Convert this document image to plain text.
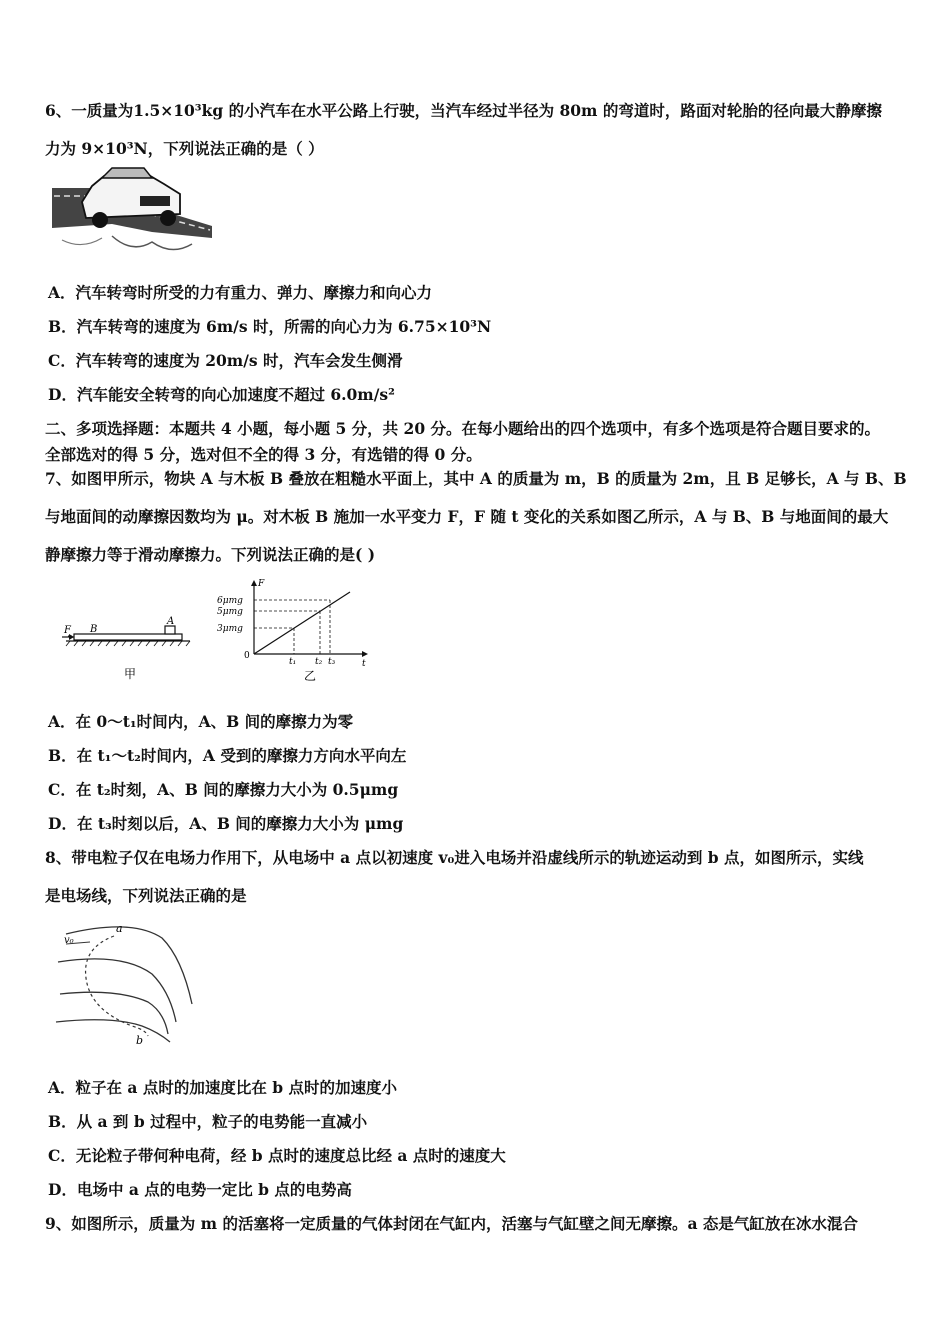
6、一质量为1.5×10³kg 的小汽车在水平公路上行驶，当汽车经过半径为 80m 的弯道时，路面对轮胎的径向最大静摩擦
力为 9×10³N，下列说法正确的是（ ）
A．汽车转弯时所受的力有重力、弹力、摩擦力和向心力
B．汽车转弯的速度为 6m/s 时，所需的向心力为 6.75×10³N
C．汽车转弯的速度为 20m/s 时，汽车会发生侧滑
D．汽车能安全转弯的向心加速度不超过 6.0m/s²
二、多项选择题：本题共 4 小题，每小题 5 分，共 20 分。在每小题给出的四个选项中，有多个选项是符合题目要求的。
全部选对的得 5 分，选对但不全的得 3 分，有选错的得 0 分。
7、如图甲所示，物块 A 与木板 B 叠放在粗糙水平面上，其中 A 的质量为 m，B 的质量为 2m，且 B 足够长，A 与 B、B
与地面间的动摩擦因数均为 μ。对木板 B 施加一水平变力 F，F 随 t 变化的关系如图乙所示，A 与 B、B 与地面间的最大
静摩擦力等于滑动摩擦力。下列说法正确的是( )
F B
A
甲
F
t
0
6μmg
5μmg
3μmg
t₁ t₂ t₃
乙
A．在 0～t₁时间内，A、B 间的摩擦力为零
B．在 t₁～t₂时间内，A 受到的摩擦力方向水平向左
C．在 t₂时刻，A、B 间的摩擦力大小为 0.5μmg
D．在 t₃时刻以后，A、B 间的摩擦力大小为 μmg
8、带电粒子仅在电场力作用下，从电场中 a 点以初速度 v₀进入电场并沿虚线所示的轨迹运动到 b 点，如图所示，实线
是电场线，下列说法正确的是
a
v₀
b
A．粒子在 a 点时的加速度比在 b 点时的加速度小
B．从 a 到 b 过程中，粒子的电势能一直减小
C．无论粒子带何种电荷，经 b 点时的速度总比经 a 点时的速度大
D．电场中 a 点的电势一定比 b 点的电势高
9、如图所示，质量为 m 的活塞将一定质量的气体封闭在气缸内，活塞与气缸壁之间无摩擦。a 态是气缸放在冰水混合
